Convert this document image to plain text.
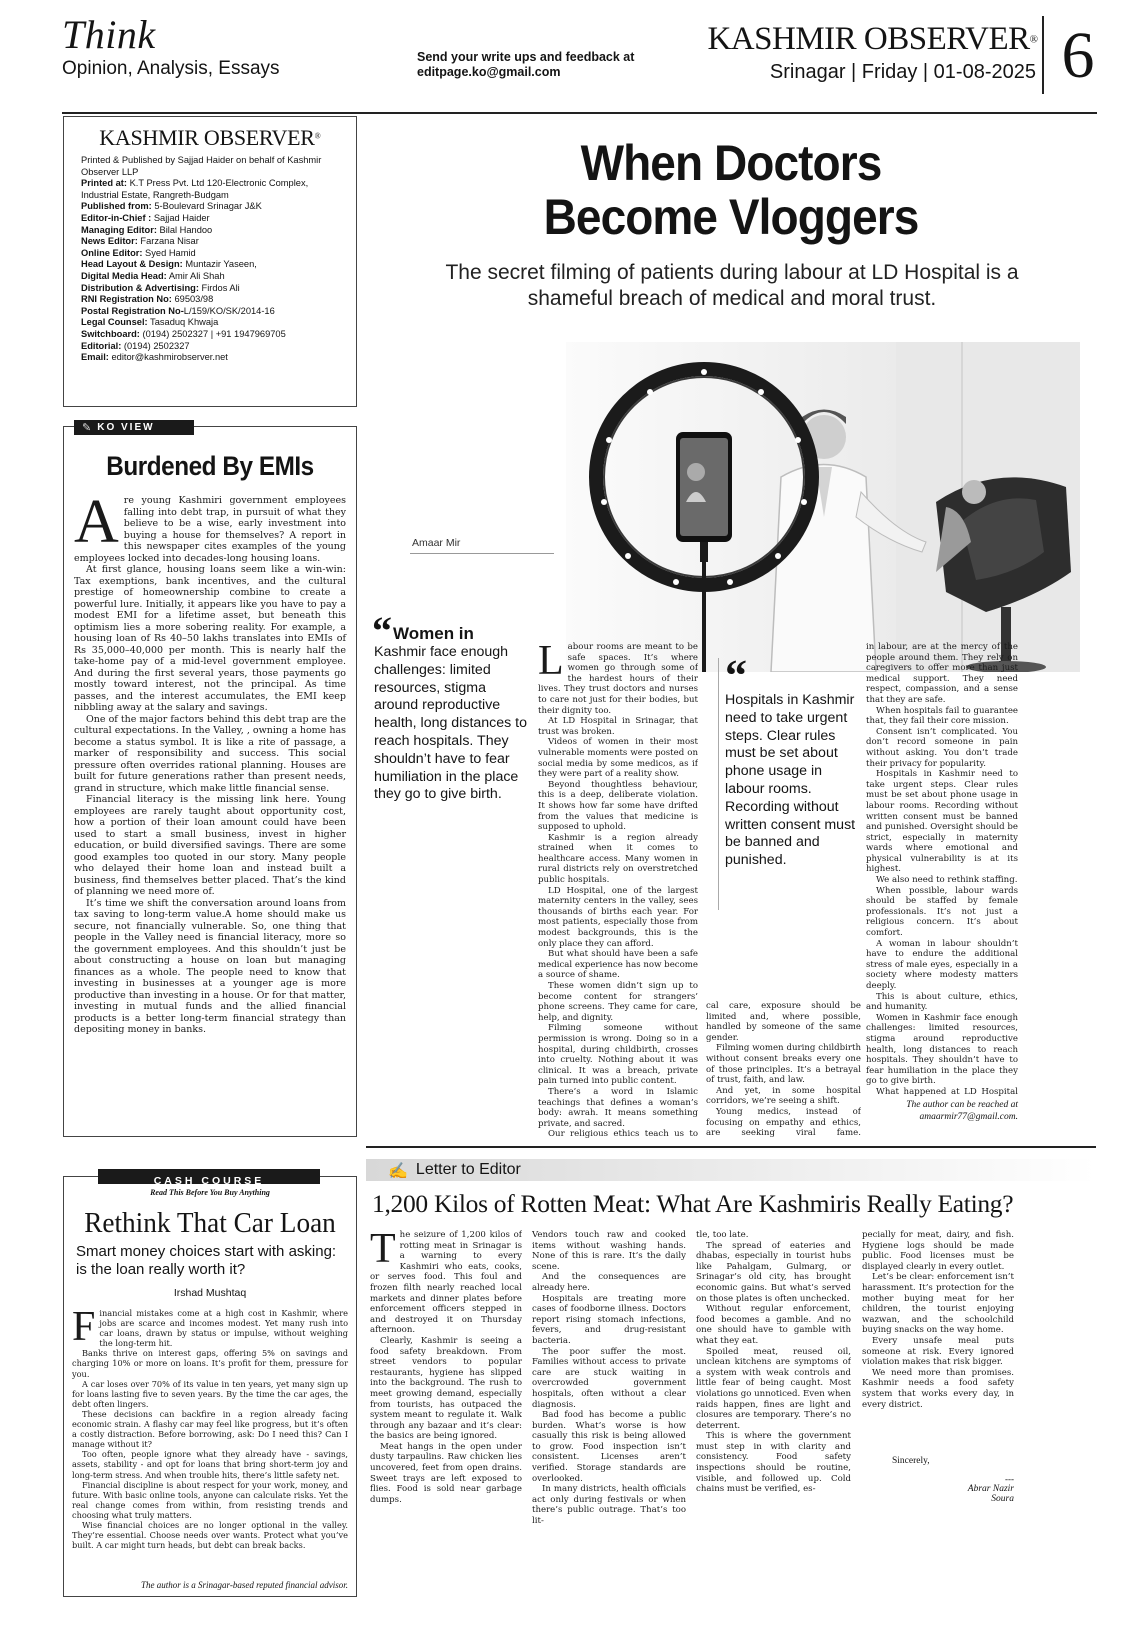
Think
Opinion, Analysis, Essays
Send your write ups and feedback at
editpage.ko@gmail.com
KASHMIR OBSERVER®
Srinagar | Friday | 01-08-2025 6
KASHMIR OBSERVER®
Printed & Published by Sajjad Haider on behalf of Kashmir Observer LLP
Printed at: K.T Press Pvt. Ltd 120-Electronic Complex, Industrial Estate, Rangreth-Budgam
Published from: 5-Boulevard Srinagar J&K
Editor-in-Chief : Sajjad Haider
Managing Editor: Bilal Handoo
News Editor: Farzana Nisar
Online Editor: Syed Hamid
Head Layout & Design: Muntazir Yaseen,
Digital Media Head: Amir Ali Shah
Distribution & Advertising: Firdos Ali
RNI Registration No: 69503/98
Postal Registration No-L/159/KO/SK/2014-16
Legal Counsel: Tasaduq Khwaja
Switchboard: (0194) 2502327 | +91 1947969705
Editorial: (0194) 2502327
Email: editor@kashmirobserver.net
✎ KO VIEW
Burdened By EMIs
A re young Kashmiri government employees falling into debt trap, in pursuit of what they believe to be a wise, early investment into buying a house for themselves? A report in this newspaper cites examples of the young employees locked into decades-long housing loans.

At first glance, housing loans seem like a win-win: Tax exemptions, bank incentives, and the cultural prestige of homeownership combine to create a powerful lure. Initially, it appears like you have to pay a modest EMI for a lifetime asset, but beneath this optimism lies a more sobering reality. For example, a housing loan of Rs 40–50 lakhs translates into EMIs of Rs 35,000–40,000 per month. This is nearly half the take-home pay of a mid-level government employee. And during the first several years, those payments go mostly toward interest, not the principal. As time passes, and the interest accumulates, the EMI keep nibbling away at the salary and savings.

One of the major factors behind this debt trap are the cultural expectations. In the Valley, , owning a home has become a status symbol. It is like a rite of passage, a marker of responsibility and success. This social pressure often overrides rational planning. Houses are built for future generations rather than present needs, grand in structure, which make little financial sense.

Financial literacy is the missing link here. Young employees are rarely taught about opportunity cost, how a portion of their loan amount could have been used to start a small business, invest in higher education, or build diversified savings. There are some good examples too quoted in our story. Many people who delayed their home loan and instead built a business, find themselves better placed. That’s the kind of planning we need more of.

It’s time we shift the conversation around loans from tax saving to long-term value.A home should make us secure, not financially vulnerable. So, one thing that people in the Valley need is financial literacy, more so the government employees. And this shouldn’t just be about constructing a house on loan but managing finances as a whole. The people need to know that investing in businesses at a younger age is more productive than investing in a house. Or for that matter, investing in mutual funds and the allied financial products is a better long-term financial strategy than depositing money in banks.

CASH COURSE
Read This Before You Buy Anything
Rethink That Car Loan
Smart money choices start with asking: is the loan really worth it?
Irshad Mushtaq
F inancial mistakes come at a high cost in Kashmir, where jobs are scarce and incomes modest. Yet many rush into car loans, drawn by status or impulse, without weighing the long-term hit.

Banks thrive on interest gaps, offering 5% on savings and charging 10% or more on loans. It’s profit for them, pressure for you.

A car loses over 70% of its value in ten years, yet many sign up for loans lasting five to seven years. By the time the car ages, the debt often lingers.

These decisions can backfire in a region already facing economic strain. A flashy car may feel like progress, but it’s often a costly distraction. Before borrowing, ask: Do I need this? Can I manage without it?

Too often, people ignore what they already have - savings, assets, stability - and opt for loans that bring short-term joy and long-term stress. And when trouble hits, there’s little safety net.

Financial discipline is about respect for your work, money, and future. With basic online tools, anyone can calculate risks. Yet the real change comes from within, from resisting trends and choosing what truly matters.

Wise financial choices are no longer optional in the valley. They’re essential. Choose needs over wants. Protect what you’ve built. A car might turn heads, but debt can break backs.

The author is a Srinagar-based reputed financial advisor.
When Doctors
Become Vloggers
The secret filming of patients during labour at LD Hospital is a shameful breach of medical and moral trust.
Amaar Mir
“ Women in
Kashmir face enough challenges: limited resources, stigma around reproductive health, long distances to reach hospitals. They shouldn’t have to fear humiliation in the place they go to give birth.
L abour rooms are meant to be safe spaces. It’s where women go through some of the hardest hours of their lives. They trust doctors and nurses to care not just for their bodies, but their dignity too.

At LD Hospital in Srinagar, that trust was broken.

Videos of women in their most vulnerable moments were posted on social media by some medicos, as if they were part of a reality show.

Beyond thoughtless behaviour, this is a deep, deliberate violation. It shows how far some have drifted from the values that medicine is supposed to uphold.

Kashmir is a region already strained when it comes to healthcare access. Many women in rural districts rely on overstretched public hospitals.

LD Hospital, one of the largest maternity centers in the valley, sees thousands of births each year. For most patients, especially those from modest backgrounds, this is the only place they can afford.

But what should have been a safe medical experience has now become a source of shame.

These women didn’t sign up to become content for strangers’ phone screens. They came for care, help, and dignity.

Filming someone without permission is wrong. Doing so in a hospital, during childbirth, crosses into cruelty. Nothing about it was clinical. It was a breach, private pain turned into public content.

There’s a word in Islamic teachings that defines a woman’s body: awrah. It means something private, and sacred.

Our religious ethics teach us to

“
Hospitals in Kashmir need to take urgent steps. Clear rules must be set about phone usage in labour rooms. Recording without written consent must be banned and punished.

cal care, exposure should be limited and, where possible, handled by someone of the same gender.

Filming women during childbirth without consent breaks every one of those principles. It’s a betrayal of trust, faith, and law.

And yet, in some hospital corridors, we’re seeing a shift.

Young medics, instead of focusing on empathy and ethics, are seeking viral fame.

in labour, are at the mercy of the people around them. They rely on caregivers to offer more than just medical support. They need respect, compassion, and a sense that they are safe.

When hospitals fail to guarantee that, they fail their core mission.

Consent isn’t complicated. You don’t record someone in pain without asking. You don’t trade their privacy for popularity.

Hospitals in Kashmir need to take urgent steps. Clear rules must be set about phone usage in labour rooms. Recording without written consent must be banned and punished. Oversight should be strict, especially in maternity wards where emotional and physical vulnerability is at its highest.

We also need to rethink staffing.

When possible, labour wards should be staffed by female professionals. It’s not just a religious concern. It’s about comfort.

A woman in labour shouldn’t have to endure the additional stress of male eyes, especially in a society where modesty matters deeply.

This is about culture, ethics, and humanity.

Women in Kashmir face enough challenges: limited resources, stigma around reproductive health, long distances to reach hospitals. They shouldn’t have to fear humiliation in the place they go to give birth.

What happened at LD Hospital

The author can be reached at
amaarmir77@gmail.com.
✍ Letter to Editor
1,200 Kilos of Rotten Meat: What Are Kashmiris Really Eating?
T he seizure of 1,200 kilos of rotting meat in Srinagar is a warning to every Kashmiri who eats, cooks, or serves food. This foul and frozen filth nearly reached local markets and dinner plates before enforcement officers stepped in and destroyed it on Thursday afternoon.

Clearly, Kashmir is seeing a food safety breakdown. From street vendors to popular restaurants, hygiene has slipped into the background. The rush to meet growing demand, especially from tourists, has outpaced the system meant to regulate it. Walk through any bazaar and it’s clear: the basics are being ignored.

Meat hangs in the open under dusty tarpaulins. Raw chicken lies uncovered, feet from open drains. Sweet trays are left exposed to flies. Food is sold near garbage dumps.

Vendors touch raw and cooked items without washing hands. None of this is rare. It’s the daily scene.

And the consequences are already here.

Hospitals are treating more cases of foodborne illness. Doctors report rising stomach infections, fevers, and drug-resistant bacteria.

The poor suffer the most. Families without access to private care are stuck waiting in overcrowded government hospitals, often without a clear diagnosis.

Bad food has become a public burden. What’s worse is how casually this risk is being allowed to grow. Food inspection isn’t consistent. Licenses aren’t verified. Storage standards are overlooked.

In many districts, health officials act only during festivals or when there’s public outrage. That’s too lit-

tle, too late.

The spread of eateries and dhabas, especially in tourist hubs like Pahalgam, Gulmarg, or Srinagar’s old city, has brought economic gains. But what’s served on those plates is often unchecked.

Without regular enforcement, food becomes a gamble. And no one should have to gamble with what they eat.

Spoiled meat, reused oil, unclean kitchens are symptoms of a system with weak controls and little fear of being caught. Most violations go unnoticed. Even when raids happen, fines are light and closures are temporary. There’s no deterrent.

This is where the government must step in with clarity and consistency. Food safety inspections should be routine, visible, and followed up. Cold chains must be verified, es-

pecially for meat, dairy, and fish. Hygiene logs should be made public. Food licenses must be displayed clearly in every outlet.

Let’s be clear: enforcement isn’t harassment. It’s protection for the mother buying meat for her children, the tourist enjoying wazwan, and the schoolchild buying snacks on the way home.

Every unsafe meal puts someone at risk. Every ignored violation makes that risk bigger.

We need more than promises. Kashmir needs a food safety system that works every day, in every district.

Sincerely,
---
Abrar Nazir
Soura
